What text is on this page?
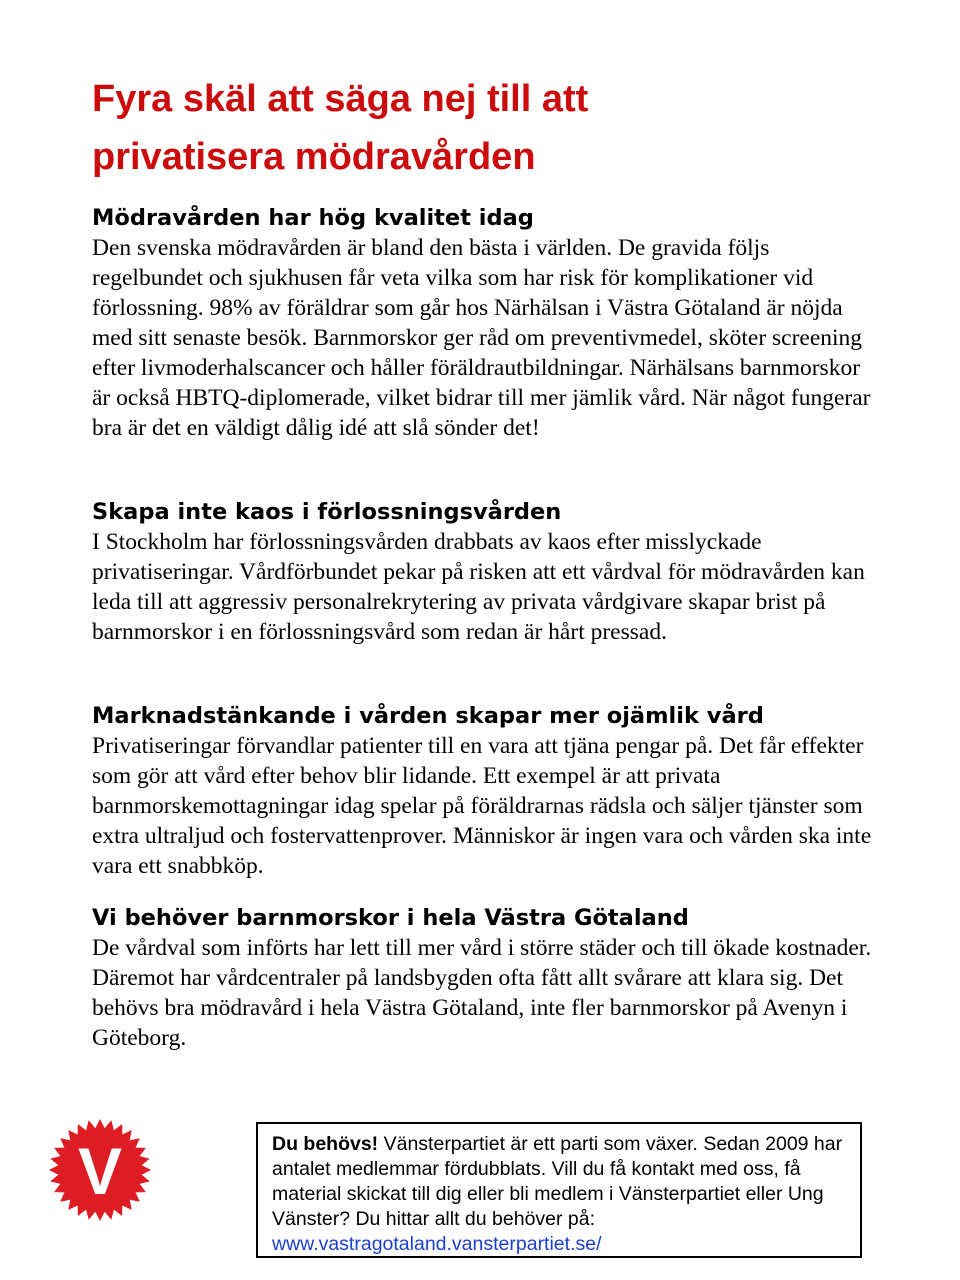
Fyra skäl att säga nej till att
privatisera mödravården
Mödravården har hög kvalitet idag

Den svenska mödravården är bland den bästa i världen. De gravida följs regelbundet och sjukhusen får veta vilka som har risk för komplikationer vid förlossning. 98% av föräldrar som går hos Närhälsan i Västra Götaland är nöjda med sitt senaste besök. Barnmorskor ger råd om preventivmedel, sköter screening efter livmoderhalscancer och håller föräldrautbildningar. Närhälsans barnmorskor är också HBTQ-diplomerade, vilket bidrar till mer jämlik vård. När något fungerar bra är det en väldigt dålig idé att slå sönder det!

Skapa inte kaos i förlossningsvården

I Stockholm har förlossningsvården drabbats av kaos efter misslyckade privatiseringar. Vårdförbundet pekar på risken att ett vårdval för mödravården kan leda till att aggressiv personalrekrytering av privata vårdgivare skapar brist på barnmorskor i en förlossningsvård som redan är hårt pressad.

Marknadstänkande i vården skapar mer ojämlik vård

Privatiseringar förvandlar patienter till en vara att tjäna pengar på. Det får effekter som gör att vård efter behov blir lidande. Ett exempel är att privata barnmorskemottagningar idag spelar på föräldrarnas rädsla och säljer tjänster som extra ultraljud och fostervattenprover. Människor är ingen vara och vården ska inte vara ett snabbköp.

Vi behöver barnmorskor i hela Västra Götaland

De vårdval som införts har lett till mer vård i större städer och till ökade kostnader. Däremot har vårdcentraler på landsbygden ofta fått allt svårare att klara sig. Det behövs bra mödravård i hela Västra Götaland, inte fler barnmorskor på Avenyn i Göteborg.

V	Du behövs! Vänsterpartiet är ett parti som växer. Sedan 2009 har antalet medlemmar fördubblats. Vill du få kontakt med oss, få material skickat till dig eller bli medlem i Vänsterpartiet eller Ung Vänster? Du hittar allt du behöver på: www.vastragotaland.vansterpartiet.se/
